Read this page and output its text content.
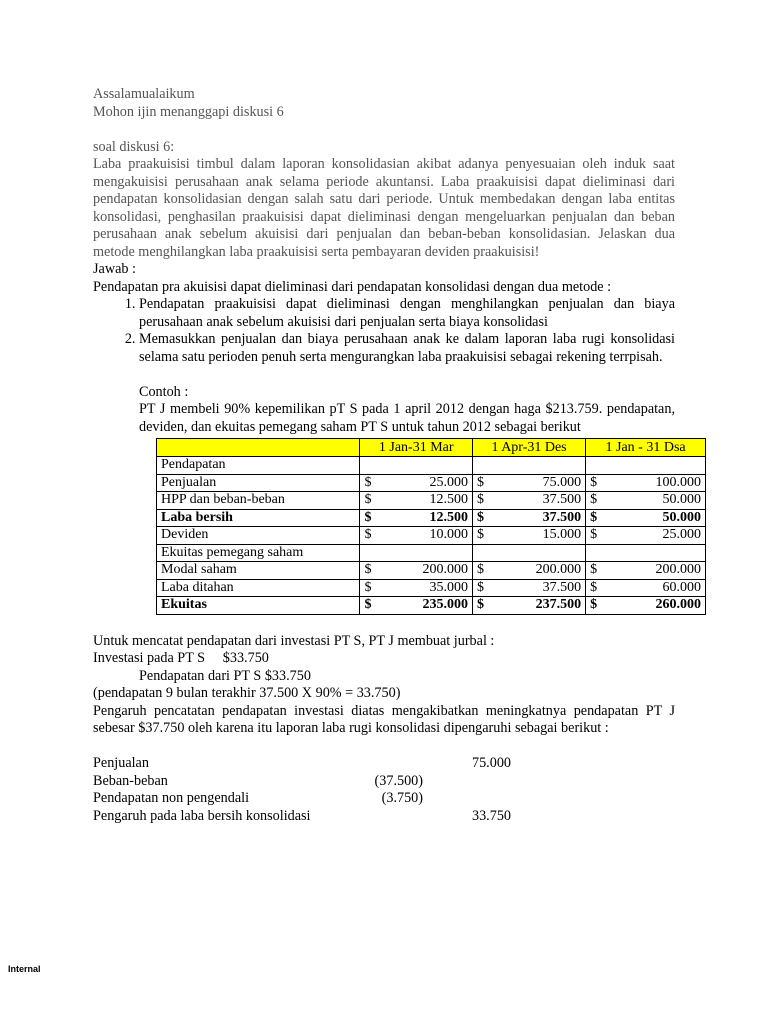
Assalamualaikum

Mohon ijin menanggapi diskusi 6

soal diskusi 6:

Laba praakuisisi timbul dalam laporan konsolidasian akibat adanya penyesuaian oleh induk saat mengakuisisi perusahaan anak selama periode akuntansi. Laba praakuisisi dapat dieliminasi dari pendapatan konsolidasian dengan salah satu dari periode. Untuk membedakan dengan laba entitas konsolidasi, penghasilan praakuisisi dapat dieliminasi dengan mengeluarkan penjualan dan beban perusahaan anak sebelum akuisisi dari penjualan dan beban-beban konsolidasian. Jelaskan dua metode menghilangkan laba praakuisisi serta pembayaran deviden praakuisisi!

Jawab :

Pendapatan pra akuisisi dapat dieliminasi dari pendapatan konsolidasi dengan dua metode :

1. Pendapatan praakuisisi dapat dieliminasi dengan menghilangkan penjualan dan biaya perusahaan anak sebelum akuisisi dari penjualan serta biaya konsolidasi
2. Memasukkan penjualan dan biaya perusahaan anak ke dalam laporan laba rugi konsolidasi selama satu perioden penuh serta mengurangkan laba praakuisisi sebagai rekening terrpisah.

Contoh :

PT J membeli 90% kepemilikan pT S pada 1 april 2012 dengan haga $213.759. pendapatan, deviden, dan ekuitas pemegang saham PT S untuk tahun 2012 sebagai berikut

	1 Jan-31 Mar	1 Apr-31 Des	1 Jan - 31 Dsa
Pendapatan			
Penjualan	$ 25.000	$ 75.000	$ 100.000

HPP dan beban-beban	$ 12.500	$ 37.500	$ 50.000

Laba bersih	$ 12.500	$ 37.500	$ 50.000

Deviden	$ 10.000	$ 15.000	$ 25.000

Ekuitas pemegang saham			
Modal saham	$ 200.000	$ 200.000	$ 200.000

Laba ditahan	$ 35.000	$ 37.500	$ 60.000

Ekuitas	$ 235.000	$ 237.500	$ 260.000

Untuk mencatat pendapatan dari investasi PT S, PT J membuat jurbal :

Investasi pada PT S     $33.750

Pendapatan dari PT S $33.750

(pendapatan 9 bulan terakhir 37.500 X 90% = 33.750)

Pengaruh pencatatan pendapatan investasi diatas mengakibatkan meningkatnya pendapatan PT J sebesar $37.750 oleh karena itu laporan laba rugi konsolidasi dipengaruhi sebagai berikut :

Penjualan	75.000
Beban-beban	(37.500)
Pendapatan non pengendali	(3.750)
Pengaruh pada laba bersih konsolidasi	33.750
Internal
